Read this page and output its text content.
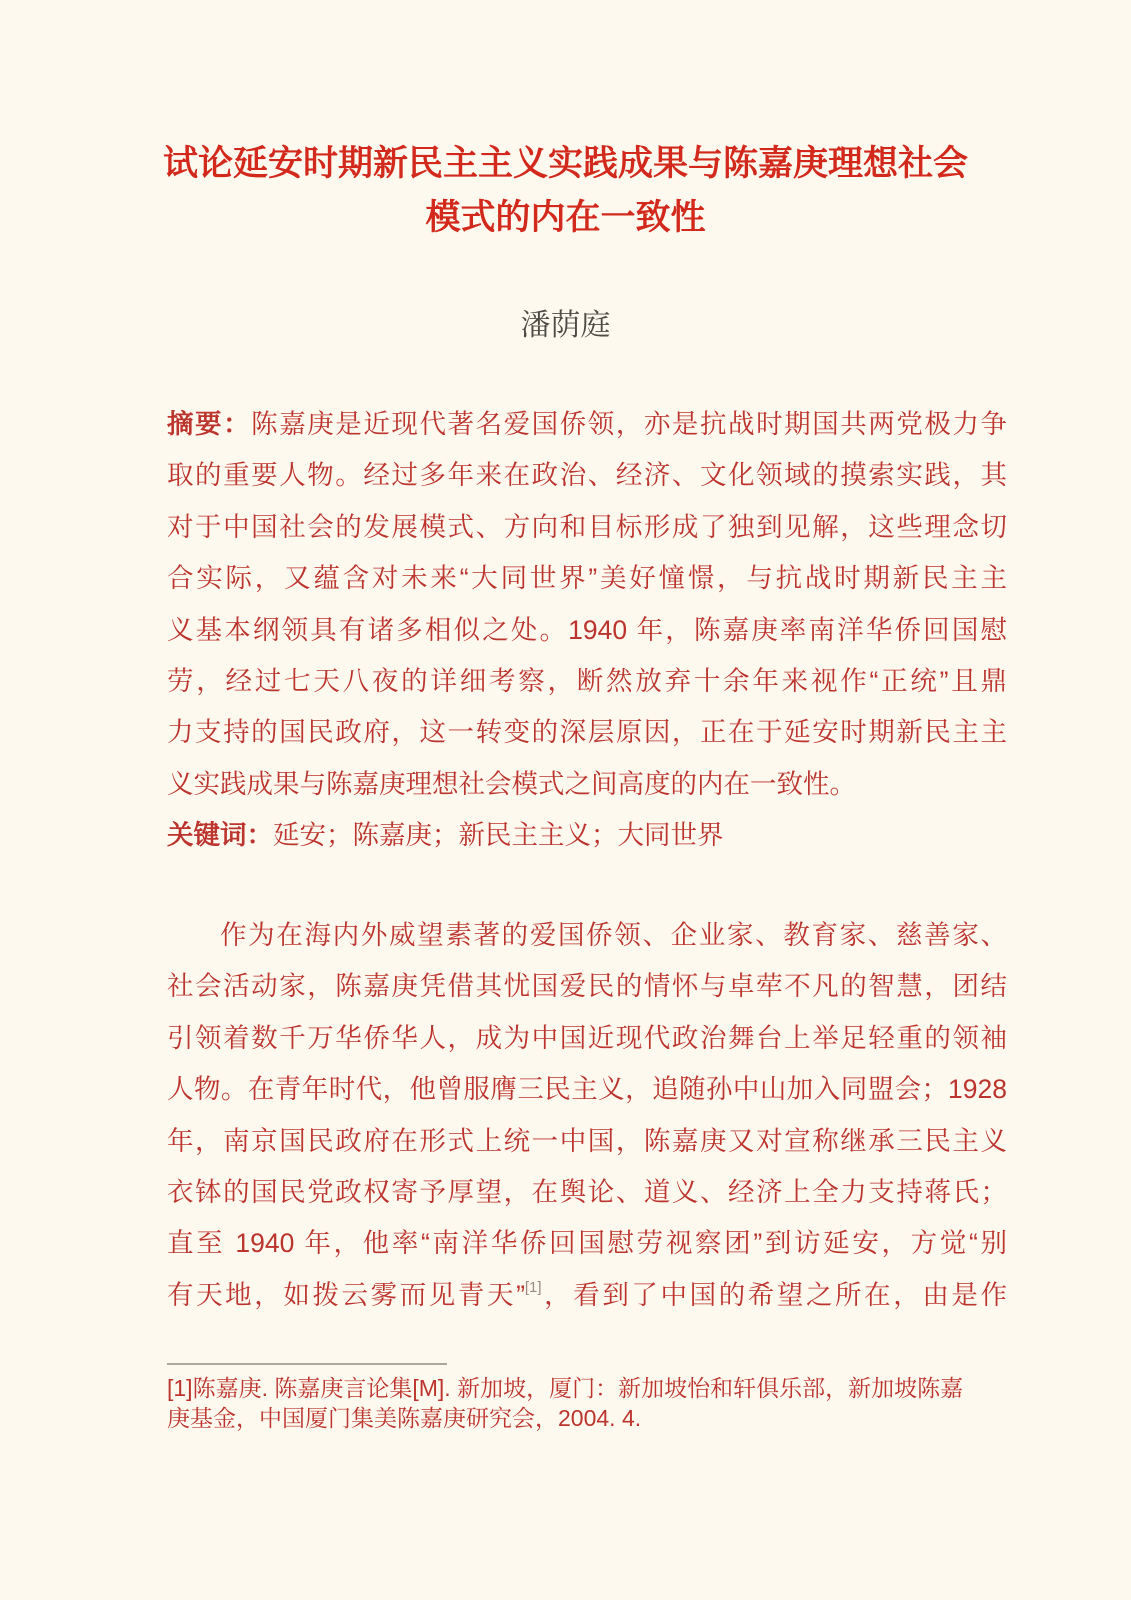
试论延安时期新民主主义实践成果与陈嘉庚理想社会
模式的内在一致性
潘荫庭
摘要：陈嘉庚是近现代著名爱国侨领，亦是抗战时期国共两党极力争
取的重要人物。经过多年来在政治、经济、文化领域的摸索实践，其
对于中国社会的发展模式、方向和目标形成了独到见解，这些理念切
合实际，又蕴含对未来“大同世界”美好憧憬，与抗战时期新民主主
义基本纲领具有诸多相似之处。1940 年，陈嘉庚率南洋华侨回国慰
劳，经过七天八夜的详细考察，断然放弃十余年来视作“正统”且鼎
力支持的国民政府，这一转变的深层原因，正在于延安时期新民主主
义实践成果与陈嘉庚理想社会模式之间高度的内在一致性。
关键词：延安；陈嘉庚；新民主主义；大同世界
作为在海内外威望素著的爱国侨领、企业家、教育家、慈善家、
社会活动家，陈嘉庚凭借其忧国爱民的情怀与卓荦不凡的智慧，团结
引领着数千万华侨华人，成为中国近现代政治舞台上举足轻重的领袖
人物。在青年时代，他曾服膺三民主义，追随孙中山加入同盟会；1928
年，南京国民政府在形式上统一中国，陈嘉庚又对宣称继承三民主义
衣钵的国民党政权寄予厚望，在舆论、道义、经济上全力支持蒋氏；
直至 1940 年，他率“南洋华侨回国慰劳视察团”到访延安，方觉“别
有天地，如拨云雾而见青天”[1]，看到了中国的希望之所在，由是作
[1]陈嘉庚. 陈嘉庚言论集[M]. 新加坡，厦门：新加坡怡和轩俱乐部，新加坡陈嘉
庚基金，中国厦门集美陈嘉庚研究会，2004. 4.
